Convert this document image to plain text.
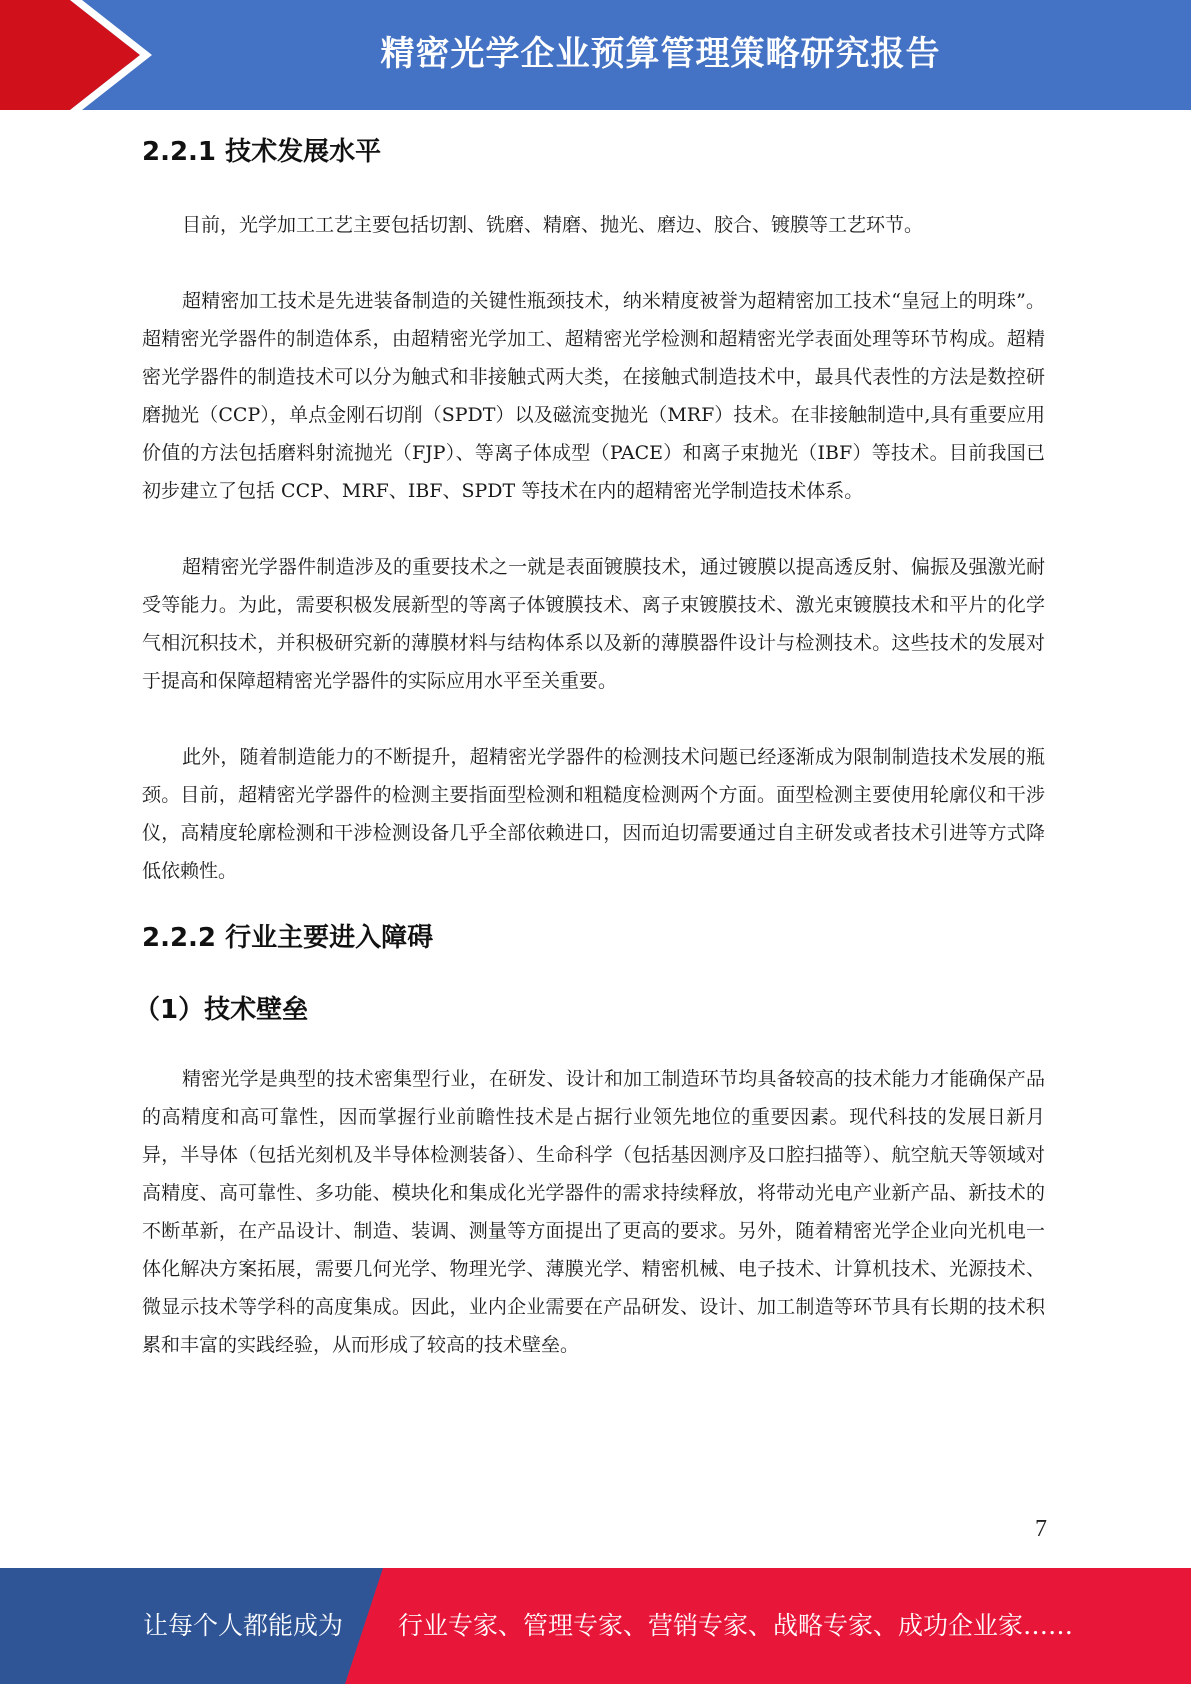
精密光学企业预算管理策略研究报告
2.2.1 技术发展水平

目前，光学加工工艺主要包括切割、铣磨、精磨、抛光、磨边、胶合、镀膜等工艺环节。

超精密加工技术是先进装备制造的关键性瓶颈技术，纳米精度被誉为超精密加工技术“皇冠上的明珠”。超精密光学器件的制造体系，由超精密光学加工、超精密光学检测和超精密光学表面处理等环节构成。超精密光学器件的制造技术可以分为触式和非接触式两大类，在接触式制造技术中，最具代表性的方法是数控研磨抛光（CCP），单点金刚石切削（SPDT）以及磁流变抛光（MRF）技术。在非接触制造中,具有重要应用价值的方法包括磨料射流抛光（FJP）、等离子体成型（PACE）和离子束抛光（IBF）等技术。目前我国已初步建立了包括 CCP、MRF、IBF、SPDT 等技术在内的超精密光学制造技术体系。

超精密光学器件制造涉及的重要技术之一就是表面镀膜技术，通过镀膜以提高透反射、偏振及强激光耐受等能力。为此，需要积极发展新型的等离子体镀膜技术、离子束镀膜技术、激光束镀膜技术和平片的化学气相沉积技术，并积极研究新的薄膜材料与结构体系以及新的薄膜器件设计与检测技术。这些技术的发展对于提高和保障超精密光学器件的实际应用水平至关重要。

此外，随着制造能力的不断提升，超精密光学器件的检测技术问题已经逐渐成为限制制造技术发展的瓶颈。目前，超精密光学器件的检测主要指面型检测和粗糙度检测两个方面。面型检测主要使用轮廓仪和干涉仪，高精度轮廓检测和干涉检测设备几乎全部依赖进口，因而迫切需要通过自主研发或者技术引进等方式降低依赖性。

2.2.2 行业主要进入障碍
（1）技术壁垒

精密光学是典型的技术密集型行业，在研发、设计和加工制造环节均具备较高的技术能力才能确保产品的高精度和高可靠性，因而掌握行业前瞻性技术是占据行业领先地位的重要因素。现代科技的发展日新月异，半导体（包括光刻机及半导体检测装备）、生命科学（包括基因测序及口腔扫描等）、航空航天等领域对高精度、高可靠性、多功能、模块化和集成化光学器件的需求持续释放，将带动光电产业新产品、新技术的不断革新，在产品设计、制造、装调、测量等方面提出了更高的要求。另外，随着精密光学企业向光机电一体化解决方案拓展，需要几何光学、物理光学、薄膜光学、精密机械、电子技术、计算机技术、光源技术、微显示技术等学科的高度集成。因此，业内企业需要在产品研发、设计、加工制造等环节具有长期的技术积累和丰富的实践经验，从而形成了较高的技术壁垒。

7
让每个人都能成为 行业专家、管理专家、营销专家、战略专家、成功企业家……
